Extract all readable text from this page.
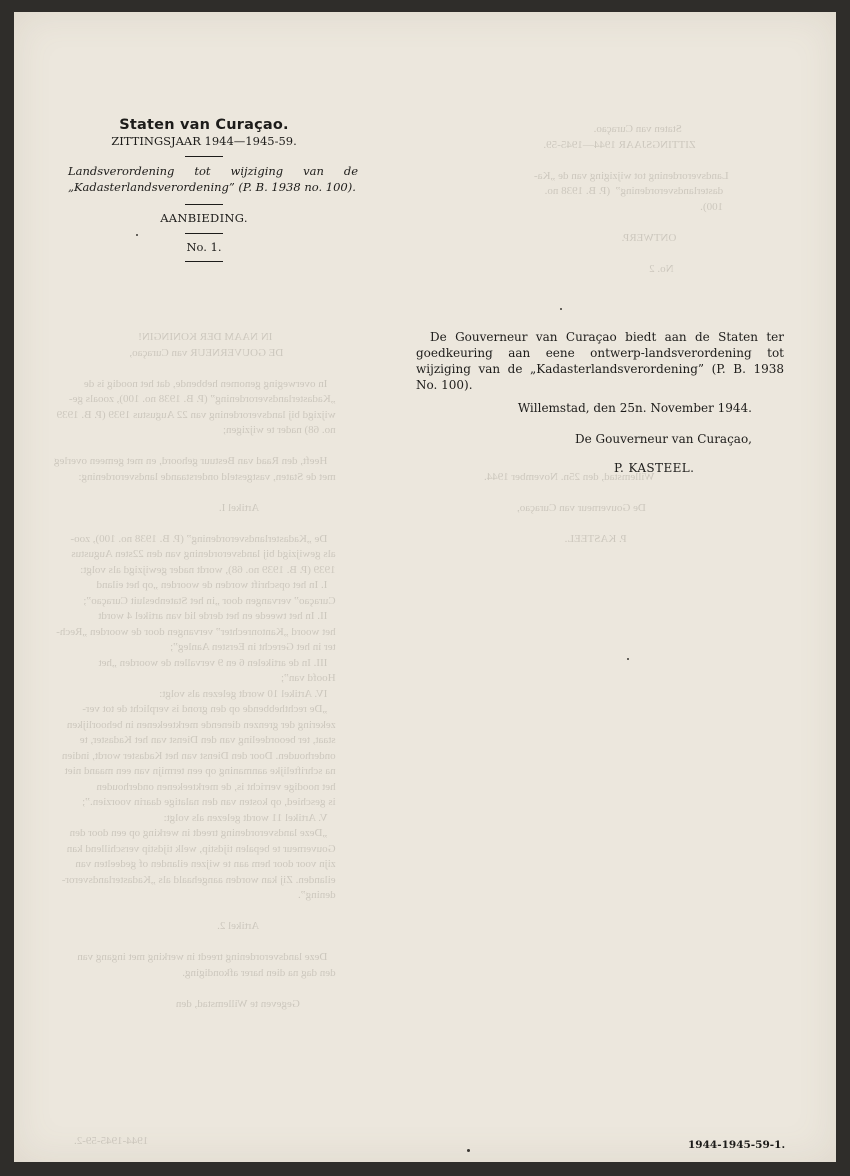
Staten van Curaçao.
ZITTINGSJAAR 1944—1945-59.

Landsverordening tot wijziging van de „Ka-
dasterlandsverordening”  (P. B. 1938 no.
100).

ONTWERP.

No. 2
IN NAAM DER KONINGIN!
DE GOUVERNEUR van Curaçao,

In overweging genomen hebbende, dat het noodig is de
„Kadasterlandsverordening” (P. B. 1938 no. 100), zooals ge-
wijzigd bij landsverordening van 22 Augustus 1939 (P. B. 1939
no. 68) nader te wijzigen;

Heeft, den Raad van Bestuur gehoord, en met gemeen overleg
met de Staten, vastgesteld onderstaande landsverordening:

Artikel I.

De „Kadasterlandsverordening” (P. B. 1938 no. 100), zoo-
als gewijzigd bij landsverordening van den 22sten Augustus
1939 (P. B. 1939 no. 68), wordt nader gewijzigd als volgt:
I. In het opschrift worden de woorden „op het eiland
Curaçao” vervangen door „in het Statenbesluit Curaçao”;
II. In het tweede en het derde lid van artikel 4 wordt
het woord „Kantonrechter” vervangen door de woorden „Rech-
ter in het Gerecht in Eersten Aanleg”;
III. In de artikelen 6 en 9 vervallen de woorden „het
Hoofd van”;
IV. Artikel 10 wordt gelezen als volgt:
„De rechthebbende op den grond is verplicht de tot ver-
zekering der grenzen dienende merkteekenen in behoorlijken
staat, ter beoordeeling van den Dienst van het Kadaster, te
onderhouden. Door den Dienst van het Kadaster wordt, indien
na schriftelijke aanmaning op een termijn van een maand niet
het noodige verricht is, de merkteekenen onderhouden
is geschied, op kosten van den nalatige daarin voorzien.”;
V. Artikel 11 wordt gelezen als volgt:
„Deze landsverordening treedt in werking op een door den
Gouverneur te bepalen tijdstip, welk tijdstip verschillend kan
zijn voor door hem aan te wijzen eilanden of gedeelten van
eilanden. Zij kan worden aangehaald als „Kadasterlandsveror-
dening”.

Artikel 2.

Deze landsverordening treedt in werking met ingang van
den dag na dien harer afkondiging.

Gegeven te Willemstad, den
Willemstad, den 25n. November 1944.

De Gouverneur van Curaçao,

P. KASTEEL.
1944-1945-59-2.
Staten van Curaçao.
ZITTINGSJAAR 1944—1945-59.
Landsverordening tot wijziging van de „Kadasterlandsverordening” (P. B. 1938 no. 100).
AANBIEDING.
No. 1.

De Gouverneur van Curaçao biedt aan de Staten ter goedkeuring aan eene ontwerp-landsverordening tot wijziging van de „Kadasterlandsverordening” (P. B. 1938 No. 100).

Willemstad, den 25n. November 1944.
De Gouverneur van Curaçao,
P. KASTEEL.
1944-1945-59-1.
